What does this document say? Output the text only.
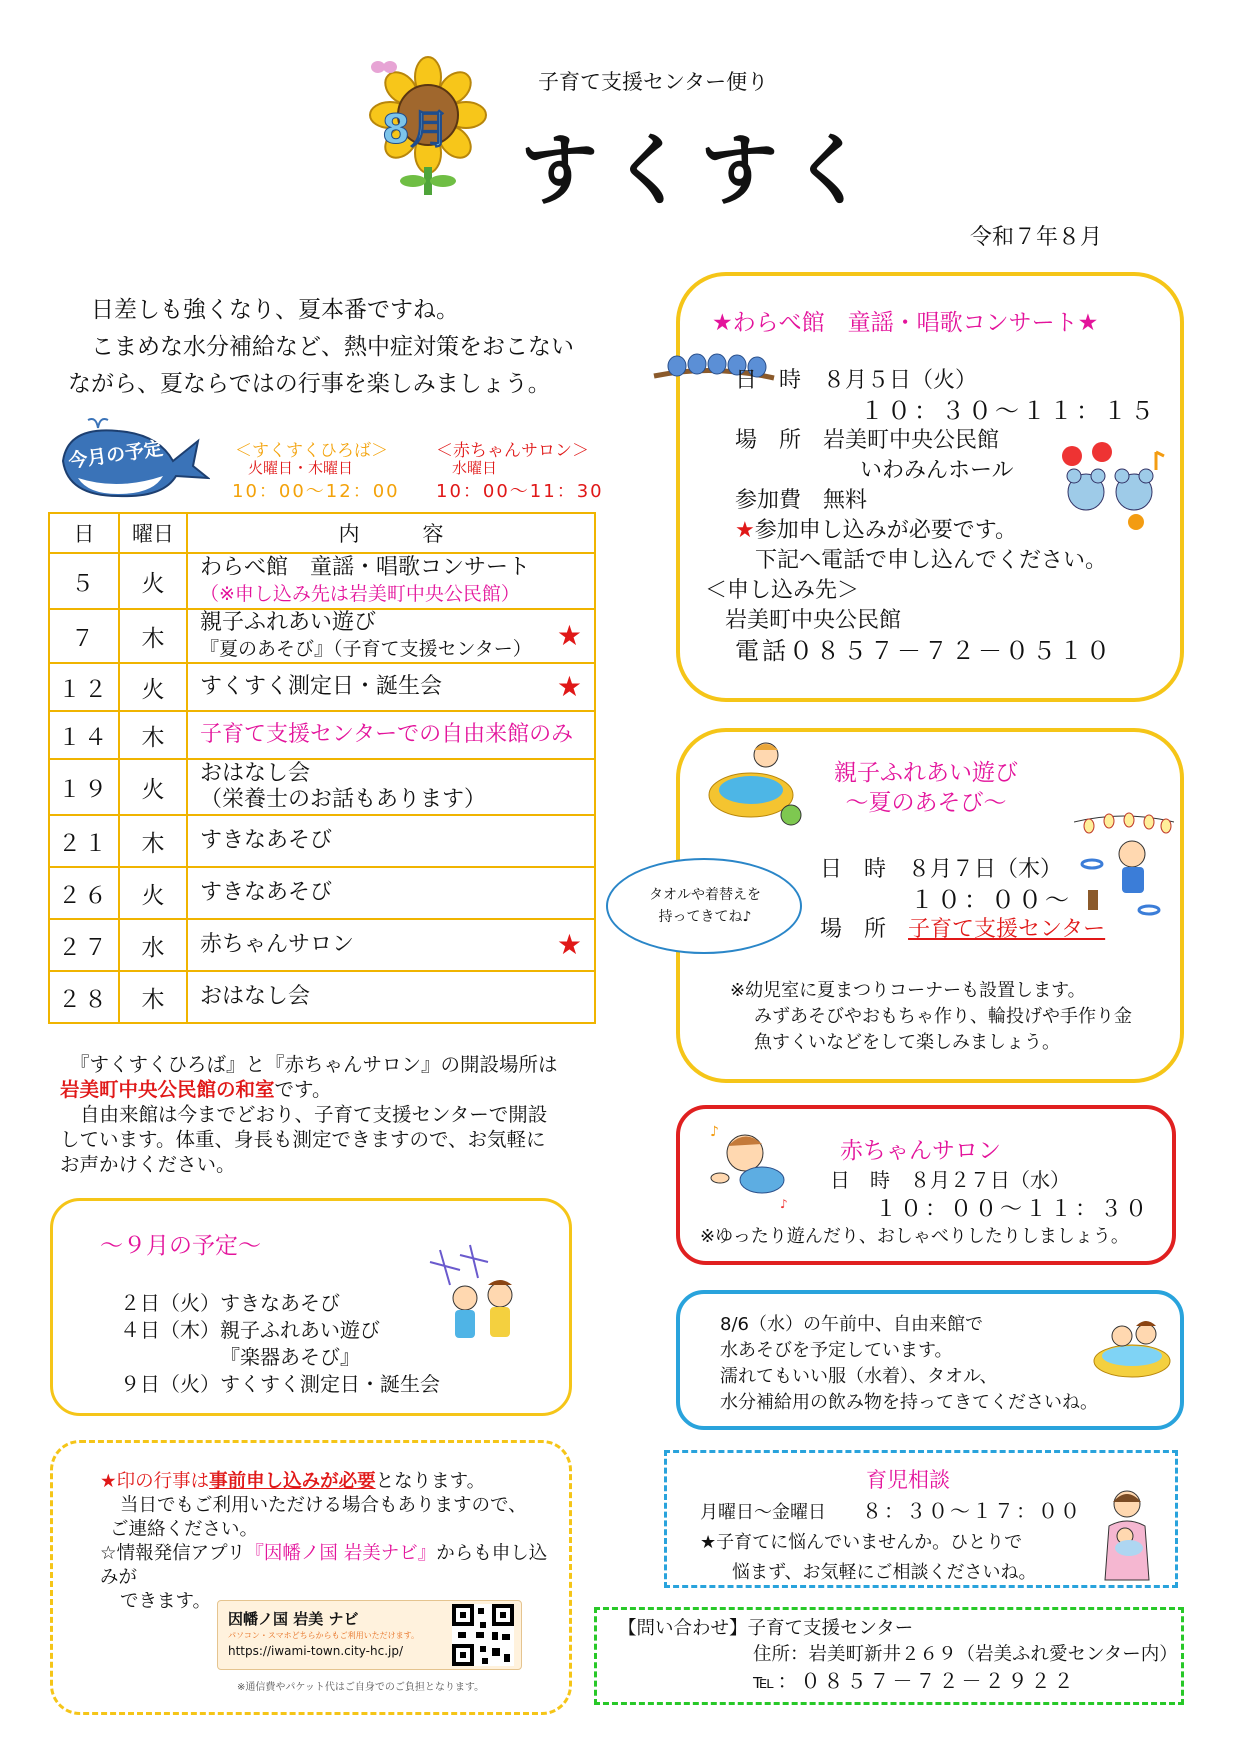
8月
子育て支援センター便り
すくすく
令和７年８月

日差しも強くなり、夏本番ですね。

こまめな水分補給など、熱中症対策をおこない

ながら、夏ならではの行事を楽しみましょう。
今月の予定	＜すくすくひろば＞
火曜日・木曜日
10：00～12：00
＜赤ちゃんサロン＞
水曜日
10：00～11：30
日	曜日	内　　　容
５	火	わらべ館　童謡・唱歌コンサート
（※申し込み先は岩美町中央公民館）

７	木	親子ふれあい遊び
『夏のあそび』（子育て支援センター） ★

１２	火	すくすく測定日・誕生会 ★

１４	木	子育て支援センターでの自由来館のみ

１９	火	おはなし会
（栄養士のお話もあります）

２１	木	すきなあそび

２６	火	すきなあそび

２７	水	赤ちゃんサロン ★

２８	木	おはなし会
『すくすくひろば』と『赤ちゃんサロン』の開設場所は
岩美町中央公民館の和室です。
自由来館は今までどおり、子育て支援センターで開設
しています。体重、身長も測定できますので、お気軽に
お声かけください。
～９月の予定～
２日（火）すきなあそび
４日（木）親子ふれあい遊び
『楽器あそび』
９日（火）すくすく測定日・誕生会
★印の行事は事前申し込みが必要となります。
当日でもご利用いただける場合もありますので、
ご連絡ください。
☆情報発信アプリ『因幡ノ国 岩美ナビ』からも申し込みが
できます。
因幡ノ国 岩美 ナビ
パソコン・スマホどちらからもご利用いただけます。
https://iwami-town.city-hc.jp/
※通信費やパケット代はご自身でのご負担となります。
★わらべ館　童謡・唱歌コンサート★
日　時　 ８月５日（火）
１０：３０～１１：１５
場　所　 岩美町中央公民館
いわみんホール
参加費　 無料
★参加申し込みが必要です。
下記へ電話で申し込んでください。
＜申し込み先＞
岩美町中央公民館
電話０８５７－７２－０５１０
親子ふれあい遊び
～夏のあそび～
タオルや着替えを
持ってきてね♪
日　時　 ８月７日（木）
１０：００～
場　所　 子育て支援センター
※幼児室に夏まつりコーナーも設置します。
みずあそびやおもちゃ作り、輪投げや手作り金
魚すくいなどをして楽しみましょう。
♪
♪
赤ちゃんサロン
日　時　 ８月２７日（水）
１０：００～１１：３０
※ゆったり遊んだり、おしゃべりしたりしましょう。
8/6（水）の午前中、自由来館で
水あそびを予定しています。
濡れてもいい服（水着）、タオル、
水分補給用の飲み物を持ってきてくださいね。
育児相談
月曜日～金曜日　　 ８：３０～１７：００
★子育てに悩んでいませんか。ひとりで
悩まず、お気軽にご相談くださいね。
【問い合わせ】子育て支援センター
住所：岩美町新井２６９（岩美ふれ愛センター内）
℡：０８５７－７２－２９２２
